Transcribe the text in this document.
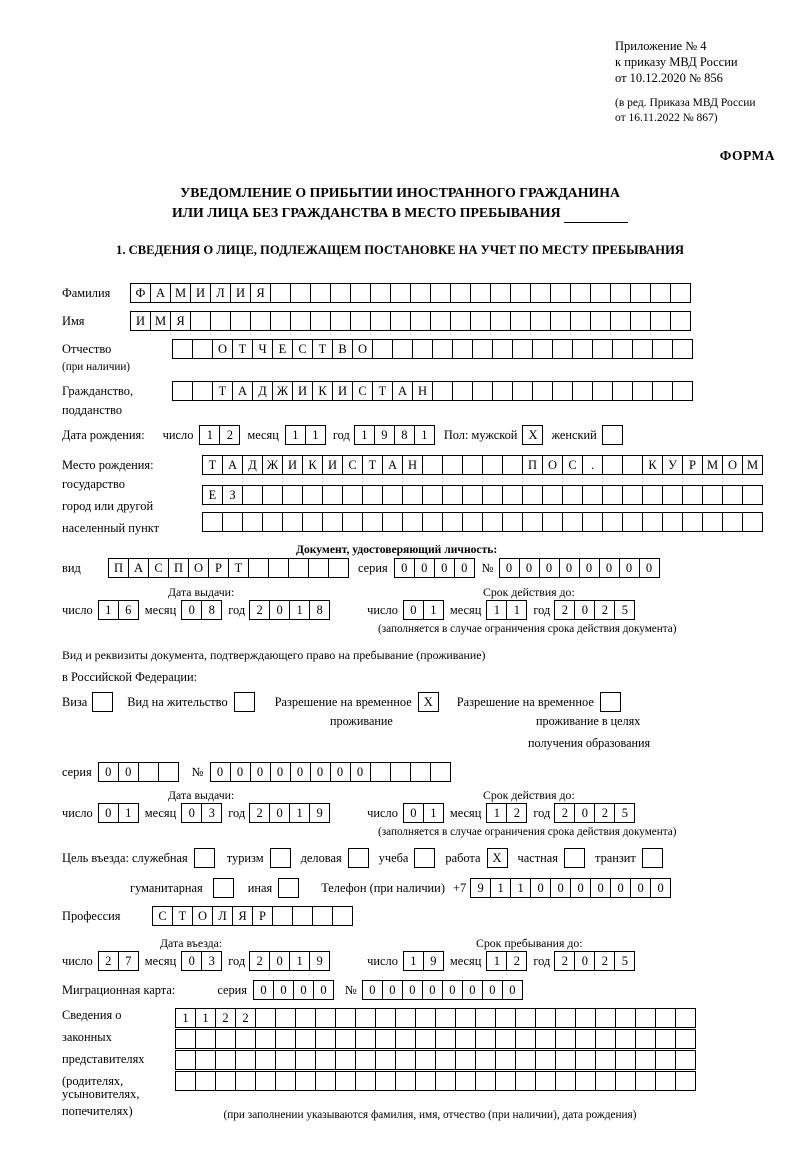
Приложение № 4
к приказу МВД России
от 10.12.2020 № 856
(в ред. Приказа МВД России
от 16.11.2022 № 867)
ФОРМА
УВЕДОМЛЕНИЕ О ПРИБЫТИИ ИНОСТРАННОГО ГРАЖДАНИНА
ИЛИ ЛИЦА БЕЗ ГРАЖДАНСТВА В МЕСТО ПРЕБЫВАНИЯ
1. СВЕДЕНИЯ О ЛИЦЕ, ПОДЛЕЖАЩЕМ ПОСТАНОВКЕ НА УЧЕТ ПО МЕСТУ ПРЕБЫВАНИЯ
Фамилия	Ф А М И Л И Я
Имя	И М Я
Отчество	О Т Ч Е С Т В О
(при наличии)
Гражданство,	Т А Д Ж И К И С Т А Н
подданство
Дата рождения: число	1	2	месяц	1	1	год 1	9	8	1	Пол: мужской X	женский
Место рождения:	Т А Д Ж И К И С Т А Н	П О С	.	К У Р М О М
государство
Е	З
город или другой
населенный пункт
Документ, удостоверяющий личность:
вид	П А С П О Р	Т	серия	0	0	0	0	№ 0	0	0	0	0	0	0	0
Дата выдачи:	Срок действия до:
число 1	6	месяц 0	8	год 2	0	1	8	число 0	1	месяц 1	1	год 2	0	2	5
(заполняется в случае ограничения срока действия документа)
Вид и реквизиты документа, подтверждающего право на пребывание (проживание)
в Российской Федерации:
Виза	Вид на жительство	Разрешение на временное X	Разрешение на временное
проживание	проживание в целях
получения образования
серия	0	0	№	0	0	0	0	0	0	0	0
Дата выдачи:	Срок действия до:
число 0	1	месяц 0	3	год 2	0	1	9	число 0	1	месяц 1	2	год 2	0	2	5
(заполняется в случае ограничения срока действия документа)
Цель въезда: служебная	туризм	деловая	учеба	работа X	частная	транзит
гуманитарная	иная	Телефон (при наличии) +7 9	1	1	0	0	0	0	0	0	0
Профессия	С Т О Л Я Р
Дата въезда:	Срок пребывания до:
число 2	7	месяц 0	3	год 2	0	1	9	число 1	9	месяц 1	2	год 2	0	2	5
Миграционная карта:	серия	0	0	0	0	№ 0	0	0	0	0	0	0	0
Сведения о
законных
представителях
(родителях,
усыновителях,
попечителях)
1	1	2	2
(при заполнении указываются фамилия, имя, отчество (при наличии), дата рождения)
